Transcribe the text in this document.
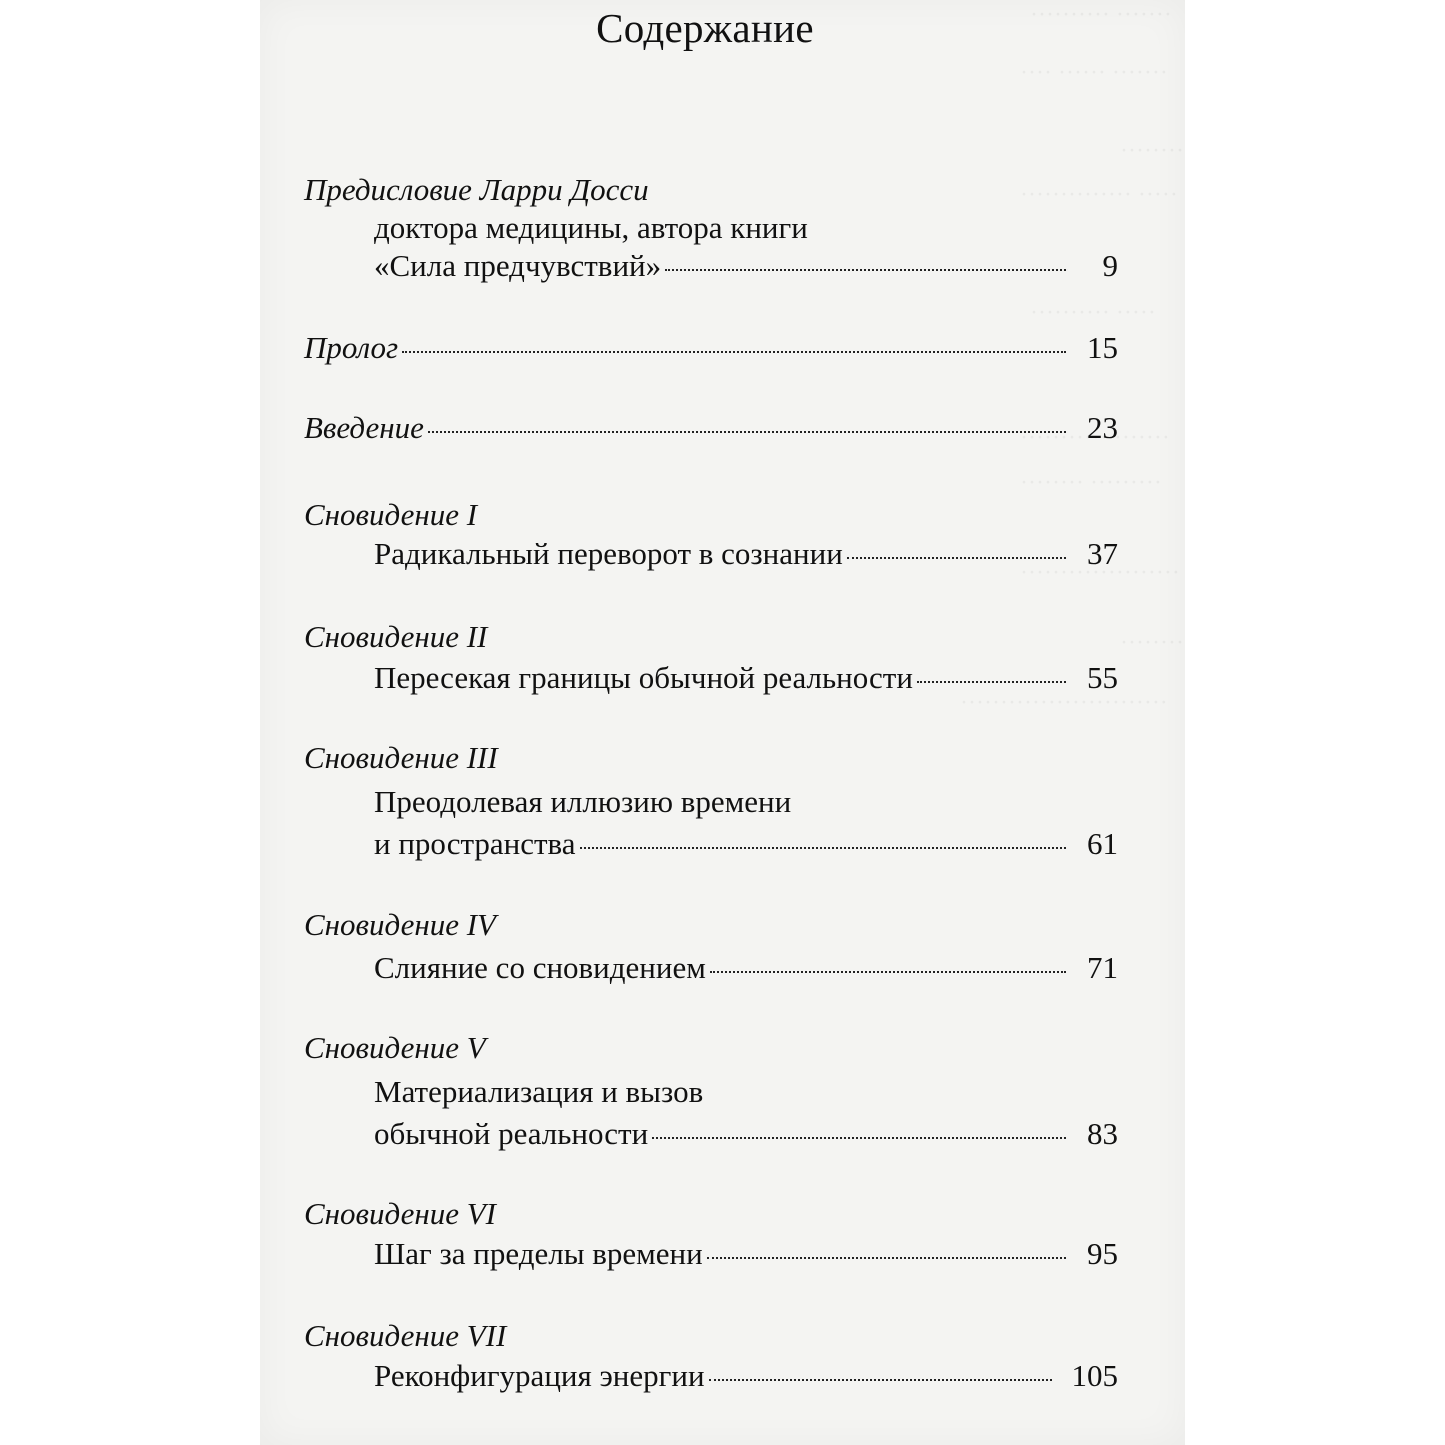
Содержание
Предисловие Ларри Досси
доктора медицины, автора книги
«Сила предчувствий»	9
Пролог	15
Введение	23
Сновидение I
Радикальный переворот в сознании	37
Сновидение II
Пересекая границы обычной реальности	55
Сновидение III
Преодолевая иллюзию времени
и пространства	61
Сновидение IV
Слияние со сновидением	71
Сновидение V
Материализация и вызов
обычной реальности	83
Сновидение VI
Шаг за пределы времени	95
Сновидение VII
Реконфигурация энергии	105
